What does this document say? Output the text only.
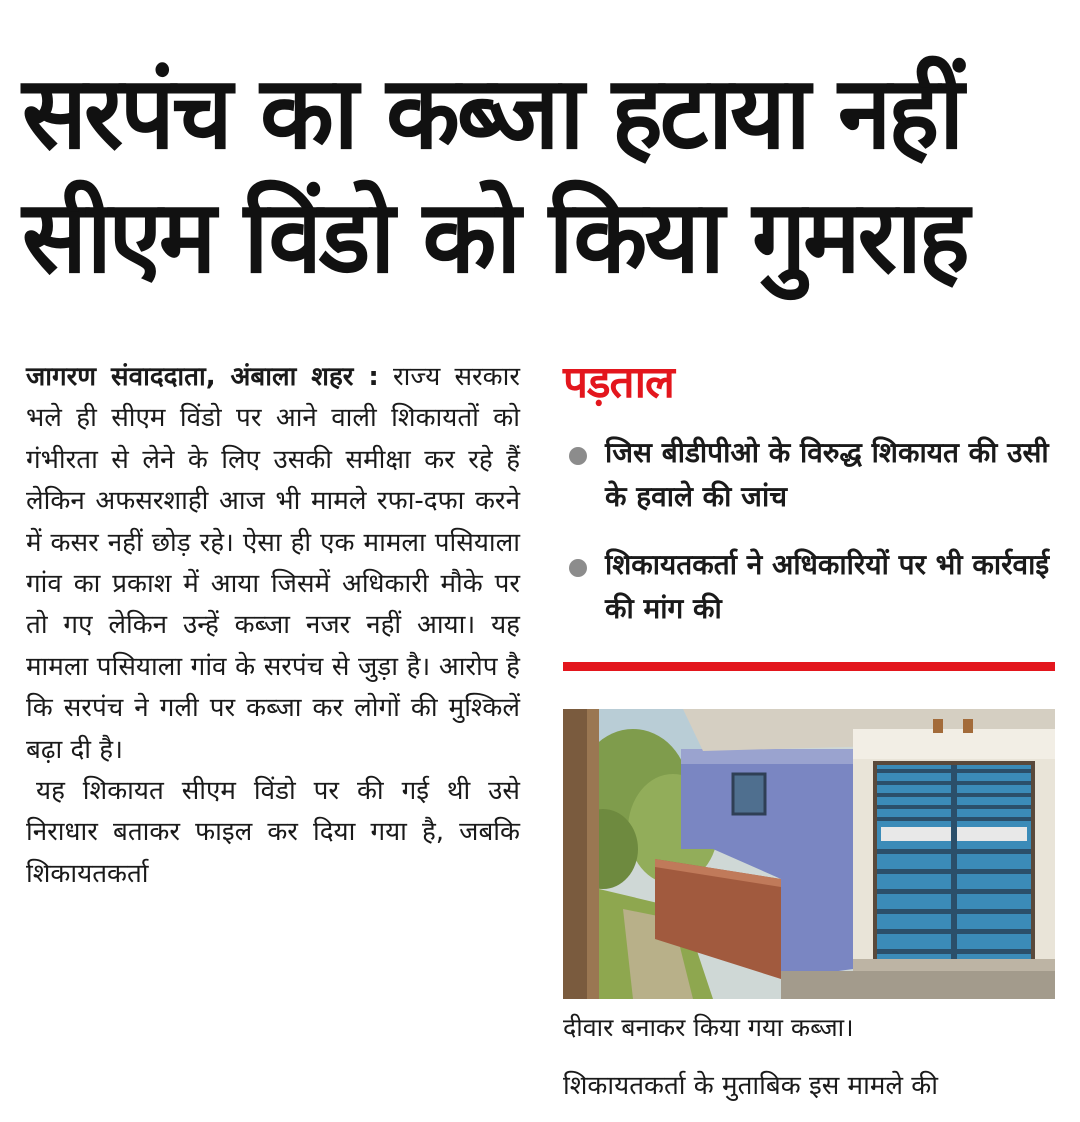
सरपंच का कब्जा हटाया नहीं
सीएम विंडो को किया गुमराह

जागरण संवाददाता, अंबाला शहर : राज्य सरकार भले ही सीएम विंडो पर आने वाली शिकायतों को गंभीरता से लेने के लिए उसकी समीक्षा कर रहे हैं लेकिन अफसरशाही आज भी मामले रफा-दफा करने में कसर नहीं छोड़ रहे। ऐसा ही एक मामला पसियाला गांव का प्रकाश में आया जिसमें अधिकारी मौके पर तो गए लेकिन उन्हें कब्जा नजर नहीं आया। यह मामला पसियाला गांव के सरपंच से जुड़ा है। आरोप है कि सरपंच ने गली पर कब्जा कर लोगों की मुश्किलें बढ़ा दी है।

यह शिकायत सीएम विंडो पर की गई थी उसे निराधार बताकर फाइल कर दिया गया है, जबकि शिकायतकर्ता

पड़ताल
जिस बीडीपीओ के विरुद्ध शिकायत की उसी के हवाले की जांच
शिकायतकर्ता ने अधिकारियों पर भी कार्रवाई की मांग की
दीवार बनाकर किया गया कब्जा।
शिकायतकर्ता के मुताबिक इस मामले की
